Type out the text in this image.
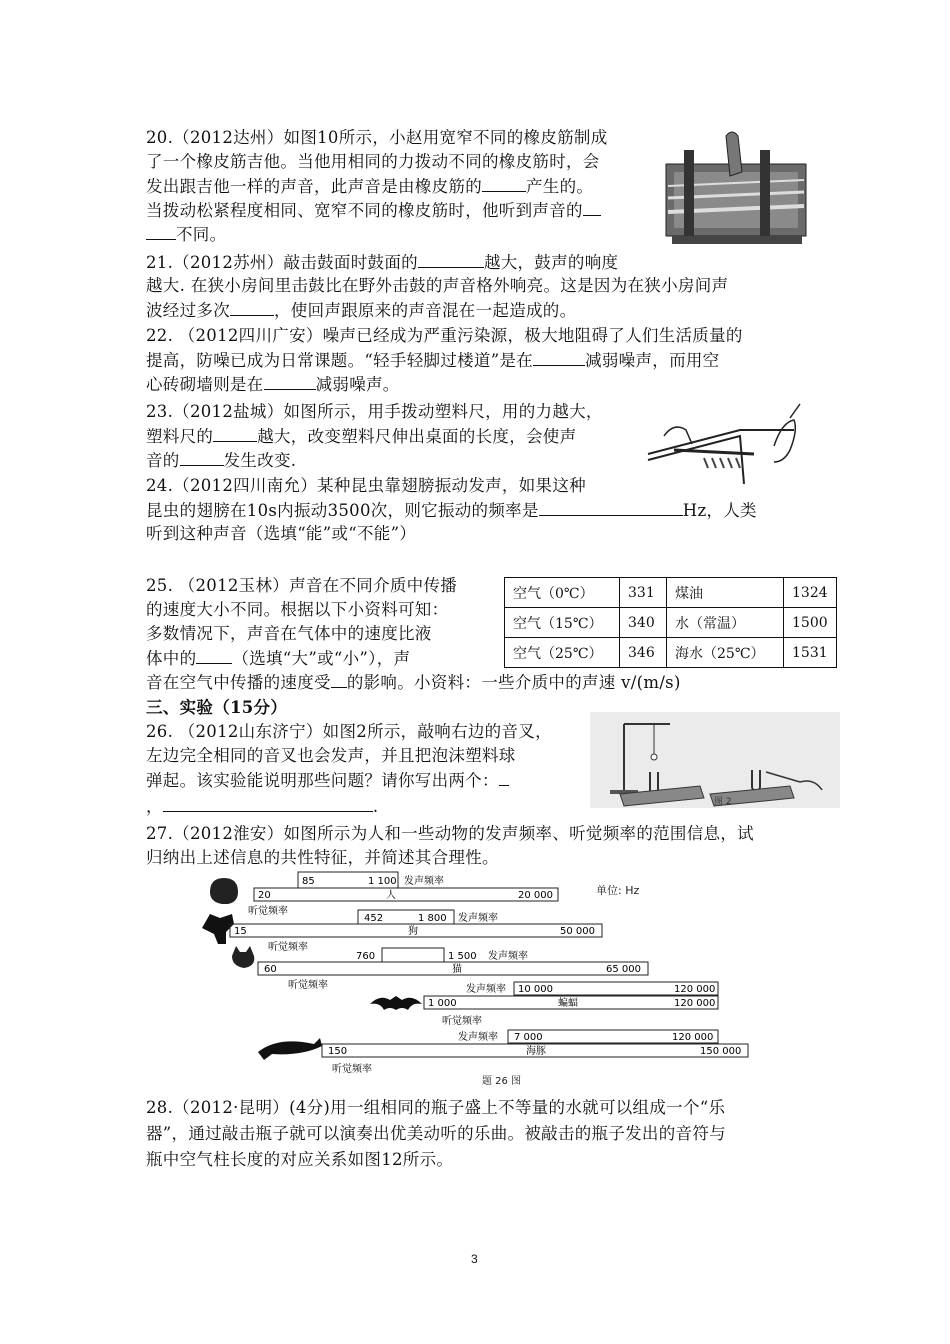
20.（2012达州）如图10所示，小赵用宽窄不同的橡皮筋制成
了一个橡皮筋吉他。当他用相同的力拨动不同的橡皮筋时，会
发出跟吉他一样的声音，此声音是由橡皮筋的	产生的。
当拨动松紧程度相同、宽窄不同的橡皮筋时，他听到声音的
不同。
21.（2012苏州）敲击鼓面时鼓面的	越大，鼓声的响度
越大. 在狭小房间里击鼓比在野外击鼓的声音格外响亮。这是因为在狭小房间声
波经过多次	，使回声跟原来的声音混在一起造成的。
22. （2012四川广安）噪声已经成为严重污染源，极大地阻碍了人们生活质量的
提高，防噪已成为日常课题。“轻手轻脚过楼道”是在	减弱噪声，而用空
心砖砌墙则是在	减弱噪声。
23.（2012盐城）如图所示，用手拨动塑料尺，用的力越大，
塑料尺的	越大，改变塑料尺伸出桌面的长度，会使声
音的	发生改变.
24.（2012四川南允）某种昆虫靠翅膀振动发声，如果这种
昆虫的翅膀在10s内振动3500次，则它振动的频率是	Hz，人类
听到这种声音（选填“能”或“不能”）
25. （2012玉林）声音在不同介质中传播
的速度大小不同。根据以下小资料可知：
多数情况下，声音在气体中的速度比液
体中的 （选填“大”或“小”），声
音在空气中传播的速度受 的影响。小资料：一些介质中的声速 v/(m/s)
空气（0℃）	331	煤油	1324
空气（15℃）	340	水（常温）	1500
空气（25℃）	346	海水（25℃）	1531
三、实验（15分）
26. （2012山东济宁）如图2所示，敲响右边的音叉，
左边完全相同的音叉也会发声，并且把泡沫塑料球
弹起。该实验能说明那些问题？请你写出两个：
，	.	图 2
27.（2012淮安）如图所示为人和一些动物的发声频率、听觉频率的范围信息，试
归纳出上述信息的共性特征，并简述其合理性。
单位: Hz
题 26 图
85	1 100 发声频率
20	人	20 000
听觉频率
452	1 800 发声频率
15	狗	50 000
听觉频率
760	1 500 发声频率
60	猫	65 000
听觉频率	发声频率 10 000	120 000
1 000	蝙蝠	120 000
听觉频率
发声频率 7 000	120 000
150	海豚	150 000
听觉频率
28.（2012·昆明）(4分)用一组相同的瓶子盛上不等量的水就可以组成一个“乐
器”，通过敲击瓶子就可以演奏出优美动听的乐曲。被敲击的瓶子发出的音符与
瓶中空气柱长度的对应关系如图12所示。
3
